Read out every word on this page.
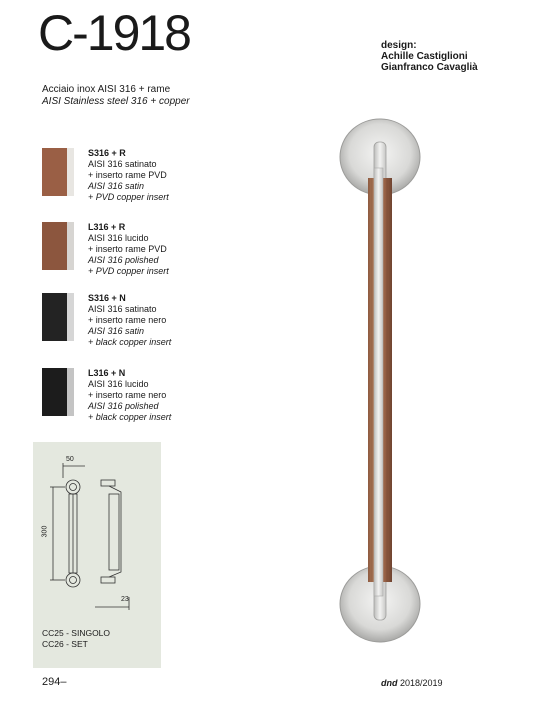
C-1918	design:
Achille Castiglioni
Gianfranco Cavaglià
Acciaio inox AISI 316 + rame
AISI Stainless steel 316 + copper
S316 + R
AISI 316 satinato
+ inserto rame PVD
AISI 316 satin
+ PVD copper insert
L316 + R
AISI 316 lucido
+ inserto rame PVD
AISI 316 polished
+ PVD copper insert
S316 + N
AISI 316 satinato
+ inserto rame nero
AISI 316 satin
+ black copper insert
L316 + N
AISI 316 lucido
+ inserto rame nero
AISI 316 polished
+ black copper insert
50
300
23
CC25 - SINGOLO
CC26 - SET
294–	dnd 2018/2019
